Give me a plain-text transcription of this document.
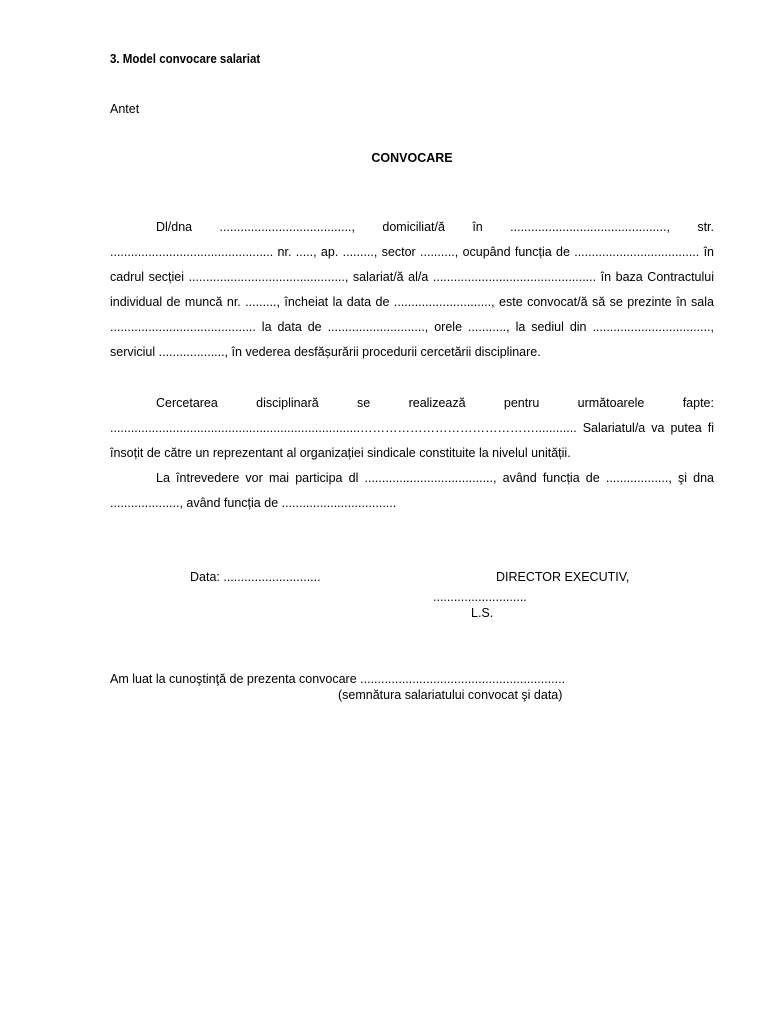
3. Model convocare salariat

Antet

CONVOCARE

Dl/dna ......................................, domiciliat/ă în ............................................., str. ............................................... nr. ....., ap. ........., sector .........., ocupând funcția de .................................... în cadrul secției ............................................., salariat/ă al/a ............................................... în baza Contractului individual de muncă nr. ........., încheiat la data de ............................, este convocat/ă să se prezinte în sala .......................................... la data de ............................, orele ..........., la sediul din .................................., serviciul ..................., în vederea desfășurării procedurii cercetării disciplinare.
Cercetarea disciplinară se realizează pentru următoarele fapte: ........................................................................……………………………………............ Salariatul/a va putea fi însoțit de către un reprezentant al organizației sindicale constituite la nivelul unității.
La întrevedere vor mai participa dl ....................................., având funcția de .................., şi dna ...................., având funcția de .................................

Data: ............................	DIRECTOR EXECUTIV,

...........................

L.S.

Am luat la cunoştinţă de prezenta convocare ...........................................................

(semnătura salariatului convocat şi data)
